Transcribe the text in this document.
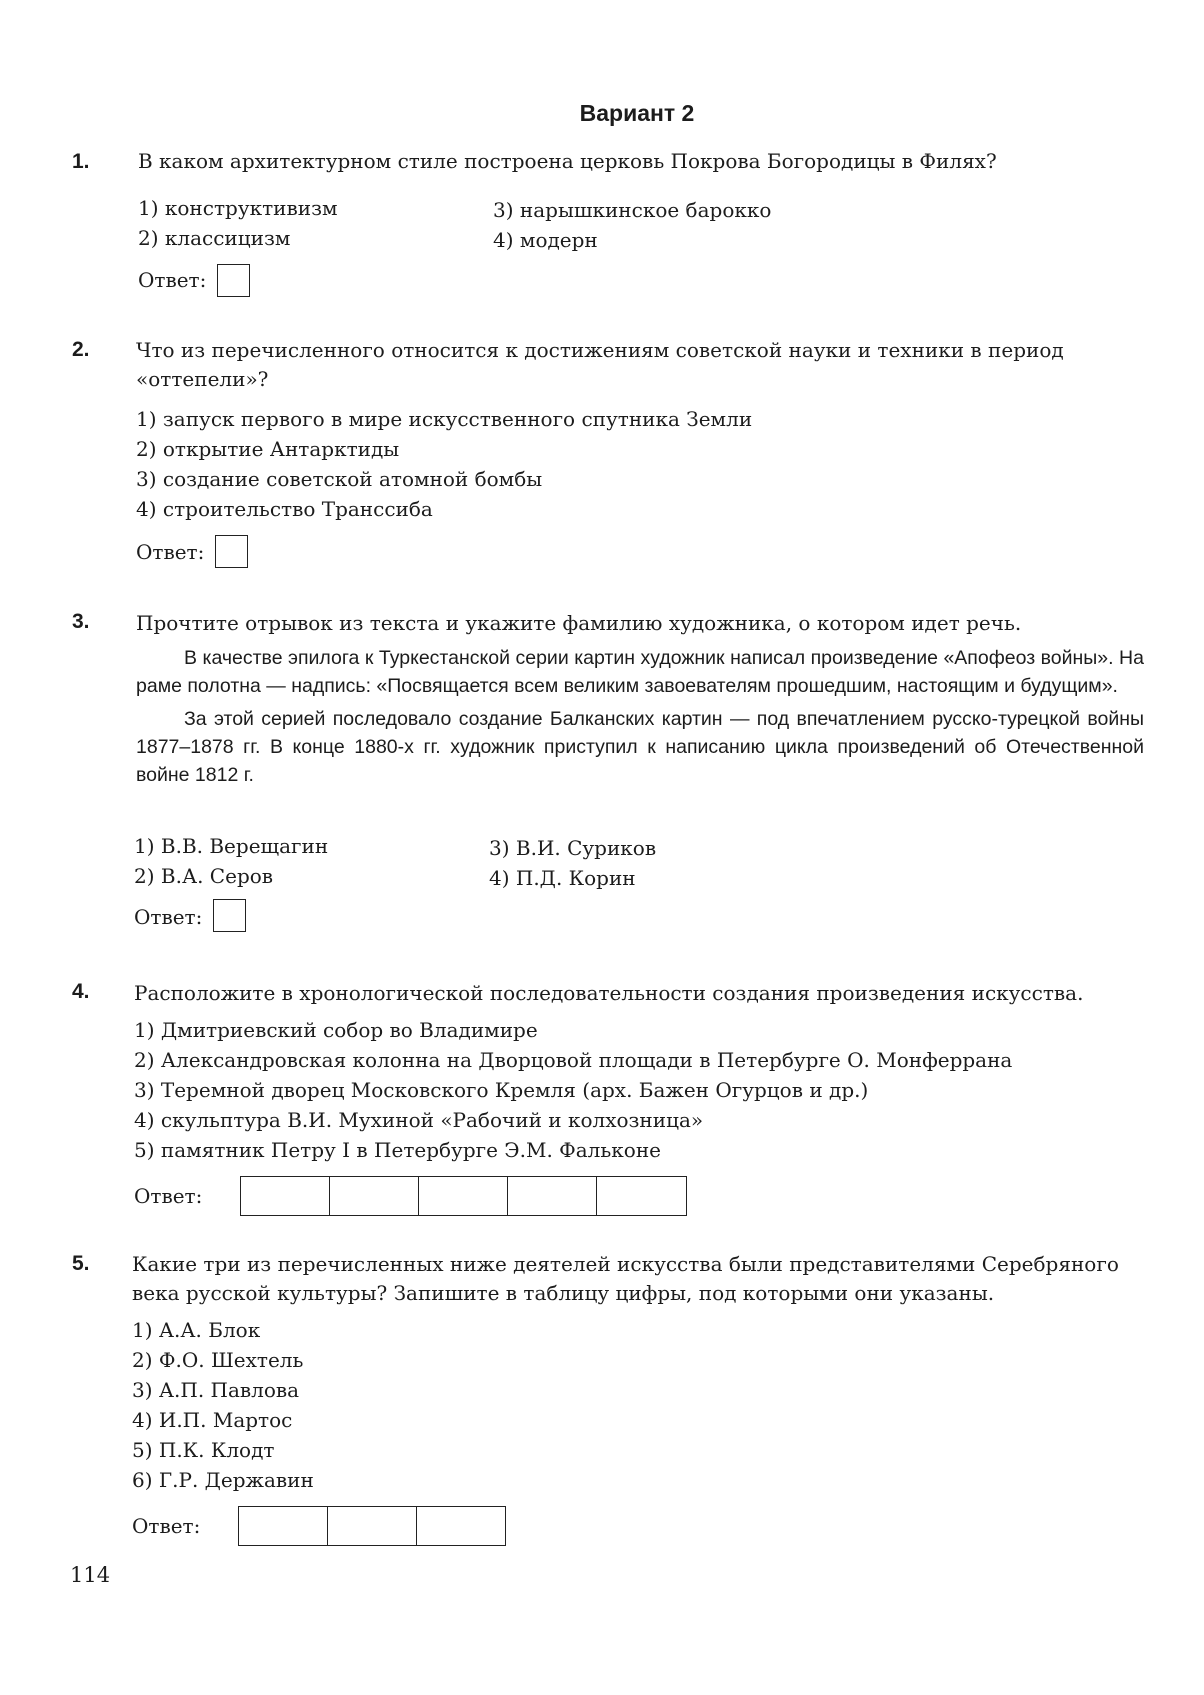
Вариант 2
1. В каком архитектурном стиле построена церковь Покрова Богородицы в Филях?
1) конструктивизм
2) классицизм
3) нарышкинское барокко
4) модерн
Ответ:
2. Что из перечисленного относится к достижениям советской науки и техники в период «оттепели»?
1) запуск первого в мире искусственного спутника Земли
2) открытие Антарктиды
3) создание советской атомной бомбы
4) строительство Транссиба
Ответ:
3. Прочтите отрывок из текста и укажите фамилию художника, о котором идет речь.

В качестве эпилога к Туркестанской серии картин художник написал произведение «Апофеоз войны». На раме полотна — надпись: «Посвящается всем великим завоевателям прошедшим, настоящим и будущим».

За этой серией последовало создание Балканских картин — под впечатлением русско-турецкой войны 1877–1878 гг. В конце 1880-х гг. художник приступил к написанию цикла произведений об Отечественной войне 1812 г.

1) В.В. Верещагин
2) В.А. Серов
3) В.И. Суриков
4) П.Д. Корин
Ответ:
4. Расположите в хронологической последовательности создания произведения искусства.
1) Дмитриевский собор во Владимире
2) Александровская колонна на Дворцовой площади в Петербурге О. Монферрана
3) Теремной дворец Московского Кремля (арх. Бажен Огурцов и др.)
4) скульптура В.И. Мухиной «Рабочий и колхозница»
5) памятник Петру I в Петербурге Э.М. Фальконе
Ответ:
5. Какие три из перечисленных ниже деятелей искусства были представителями Серебряного века русской культуры? Запишите в таблицу цифры, под которыми они указаны.
1) А.А. Блок
2) Ф.О. Шехтель
3) А.П. Павлова
4) И.П. Мартос
5) П.К. Клодт
6) Г.Р. Державин
Ответ:
114
